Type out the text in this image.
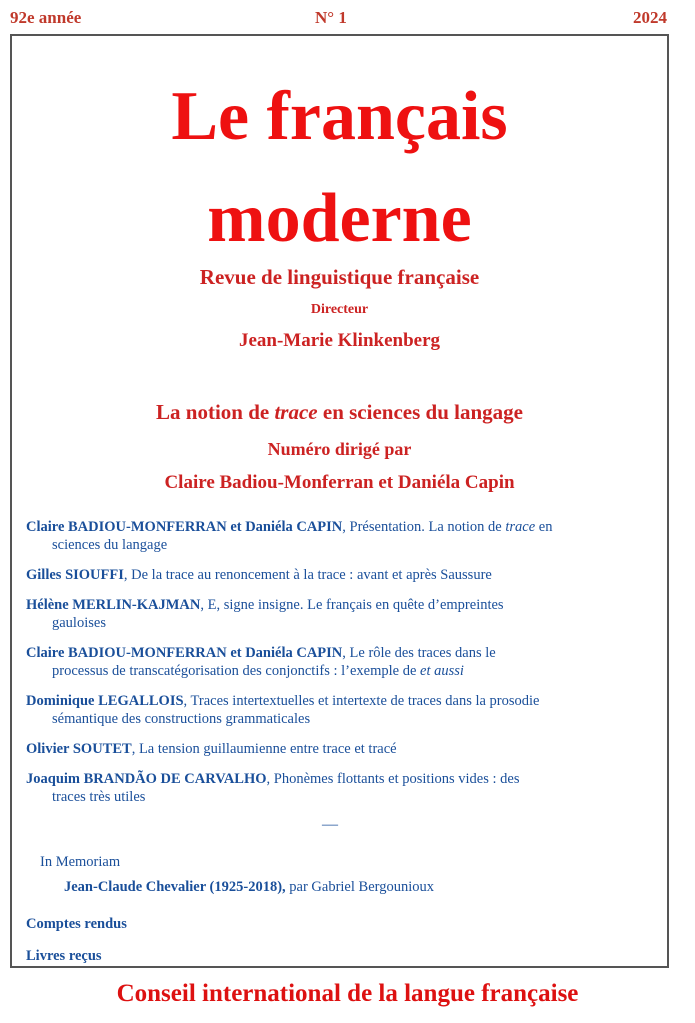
92e année	N° 1	2024
Le français
moderne
Revue de linguistique française
Directeur
Jean-Marie Klinkenberg
La notion de trace en sciences du langage
Numéro dirigé par
Claire Badiou-Monferran et Daniéla Capin
Claire BADIOU-MONFERRAN et Daniéla CAPIN, Présentation. La notion de trace en
sciences du langage
Gilles SIOUFFI, De la trace au renoncement à la trace : avant et après Saussure
Hélène MERLIN-KAJMAN, E, signe insigne. Le français en quête d’empreintes
gauloises
Claire BADIOU-MONFERRAN et Daniéla CAPIN, Le rôle des traces dans le
processus de transcatégorisation des conjonctifs : l’exemple de et aussi
Dominique LEGALLOIS, Traces intertextuelles et intertexte de traces dans la prosodie
sémantique des constructions grammaticales
Olivier SOUTET, La tension guillaumienne entre trace et tracé
Joaquim BRANDÃO DE CARVALHO, Phonèmes flottants et positions vides : des
traces très utiles
—
In Memoriam
Jean-Claude Chevalier (1925-2018), par Gabriel Bergounioux
Comptes rendus
Livres reçus
Conseil international de la langue française
